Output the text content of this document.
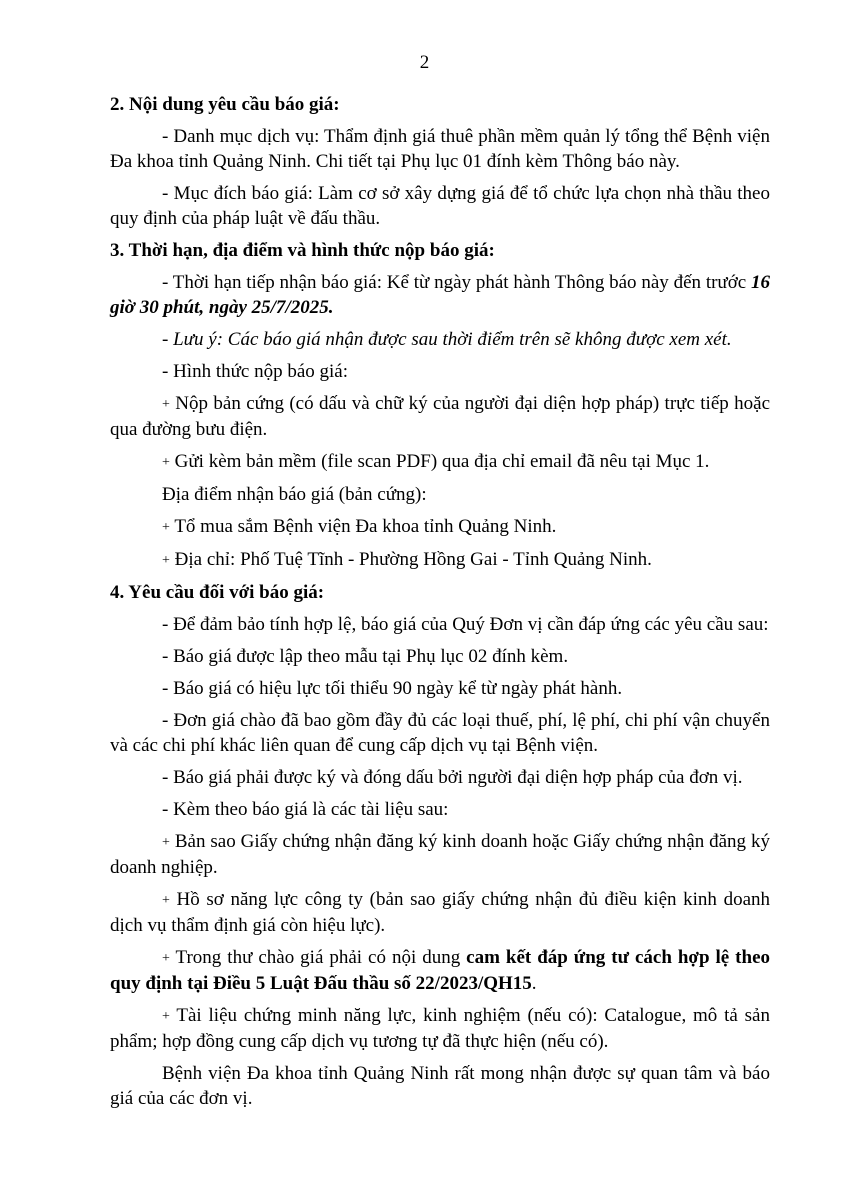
2
2. Nội dung yêu cầu báo giá:

- Danh mục dịch vụ: Thẩm định giá thuê phần mềm quản lý tổng thể Bệnh viện Đa khoa tỉnh Quảng Ninh. Chi tiết tại Phụ lục 01 đính kèm Thông báo này.

- Mục đích báo giá: Làm cơ sở xây dựng giá để tổ chức lựa chọn nhà thầu theo quy định của pháp luật về đấu thầu.

3. Thời hạn, địa điểm và hình thức nộp báo giá:

- Thời hạn tiếp nhận báo giá: Kể từ ngày phát hành Thông báo này đến trước 16 giờ 30 phút, ngày 25/7/2025.

- Lưu ý: Các báo giá nhận được sau thời điểm trên sẽ không được xem xét.

- Hình thức nộp báo giá:

+ Nộp bản cứng (có dấu và chữ ký của người đại diện hợp pháp) trực tiếp hoặc qua đường bưu điện.

+ Gửi kèm bản mềm (file scan PDF) qua địa chỉ email đã nêu tại Mục 1.

Địa điểm nhận báo giá (bản cứng):

+ Tổ mua sắm Bệnh viện Đa khoa tỉnh Quảng Ninh.

+ Địa chỉ: Phố Tuệ Tĩnh - Phường Hồng Gai - Tỉnh Quảng Ninh.

4. Yêu cầu đối với báo giá:

- Để đảm bảo tính hợp lệ, báo giá của Quý Đơn vị cần đáp ứng các yêu cầu sau:

- Báo giá được lập theo mẫu tại Phụ lục 02 đính kèm.

- Báo giá có hiệu lực tối thiểu 90 ngày kể từ ngày phát hành.

- Đơn giá chào đã bao gồm đầy đủ các loại thuế, phí, lệ phí, chi phí vận chuyển và các chi phí khác liên quan để cung cấp dịch vụ tại Bệnh viện.

- Báo giá phải được ký và đóng dấu bởi người đại diện hợp pháp của đơn vị.

- Kèm theo báo giá là các tài liệu sau:

+ Bản sao Giấy chứng nhận đăng ký kinh doanh hoặc Giấy chứng nhận đăng ký doanh nghiệp.

+ Hồ sơ năng lực công ty (bản sao giấy chứng nhận đủ điều kiện kinh doanh dịch vụ thẩm định giá còn hiệu lực).

+ Trong thư chào giá phải có nội dung cam kết đáp ứng tư cách hợp lệ theo quy định tại Điều 5 Luật Đấu thầu số 22/2023/QH15.

+ Tài liệu chứng minh năng lực, kinh nghiệm (nếu có): Catalogue, mô tả sản phẩm; hợp đồng cung cấp dịch vụ tương tự đã thực hiện (nếu có).

Bệnh viện Đa khoa tỉnh Quảng Ninh rất mong nhận được sự quan tâm và báo giá của các đơn vị.
